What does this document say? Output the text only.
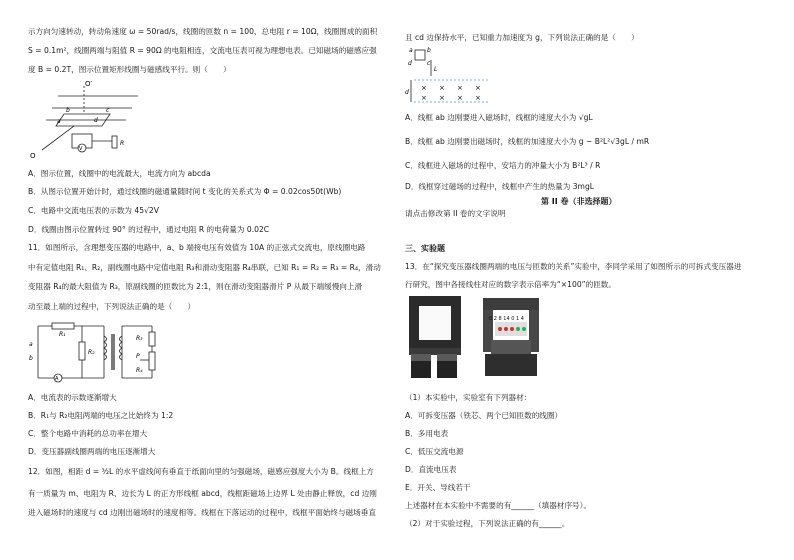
示方向匀速转动，转动角速度 ω = 50rad/s，线圈的匝数 n = 100、总电阻 r = 10Ω，线圈围成的面积
S = 0.1m²，线圈两端与阻值 R = 90Ω 的电阻相连，交流电压表可视为理想电表。已知磁场的磁感应强
度 B = 0.2T，图示位置矩形线圈与磁感线平行。则（　　）
O′
O
a
b	c
d
V
R
A．图示位置，线圈中的电流最大，电流方向为 abcda
B．从图示位置开始计时，通过线圈的磁通量随时间 t 变化的关系式为 Φ = 0.02cos50t(Wb)
C．电路中交流电压表的示数为 45√2V
D．线圈由图示位置转过 90° 的过程中，通过电阻 R 的电荷量为 0.02C
11．如图所示，含理想变压器的电路中，a、b 端接电压有效值为 10A 的正弦式交流电，原线圈电路
中有定值电阻 R₁、R₂，副线圈电路中定值电阻 R₃和滑动变阻器 R₄串联，已知 R₁ = R₂ = R₃ = R₄，滑动
变阻器 R₄的最大阻值为 R₃，原副线圈的匝数比为 2:1，则在滑动变阻器滑片 P 从最下端缓慢向上滑
动至最上端的过程中，下列说法正确的是（　　）
a
b
R₁
R₂
R₃
R₄
P
A
A．电流表的示数逐渐增大
B．R₁与 R₂电阻两端的电压之比始终为 1:2
C．整个电路中消耗的总功率在增大
D．变压器副线圈两端的电压逐渐增大
12．如图，相距 d = ³⁄₂L 的水平虚线间有垂直于纸面向里的匀强磁场，磁感应强度大小为 B。线框上方
有一质量为 m、电阻为 R、边长为 L 的正方形线框 abcd，线框距磁场上边界 L 处由静止释放，cd 边刚
进入磁场时的速度与 cd 边刚出磁场时的速度相等。线框在下落运动的过程中，线框平面始终与磁场垂直
且 cd 边保持水平，已知重力加速度为 g，下列说法正确的是（　　）
a b
c
d
L
d
× × × ×
× × × ×
A．线框 ab 边刚要进入磁场时，线框的速度大小为 √gL
B．线框 ab 边刚要出磁场时，线框的加速度大小为 g − B²L²√3gL / mR
C．线框进入磁场的过程中，安培力的冲量大小为 B²L³ / R
D．线框穿过磁场的过程中，线框中产生的热量为 3mgL
第 II 卷（非选择题）
请点击修改第 II 卷的文字说明
三、实验题
13．在“探究变压器线圈两端的电压与匝数的关系”实验中，李同学采用了如图所示的可拆式变压器进
行研究，图中各接线柱对应的数字表示倍率为“×100”的匝数。
0 2 8 14 0 1 4
（1）本实验中，实验室有下列器材：
A．可拆变压器（铁芯、两个已知匝数的线圈）
B．多用电表
C．低压交流电源
D．直流电压表
E．开关、导线若干
上述器材在本实验中不需要的有______（填器材序号）。
（2）对于实验过程，下列说法正确的有______。
